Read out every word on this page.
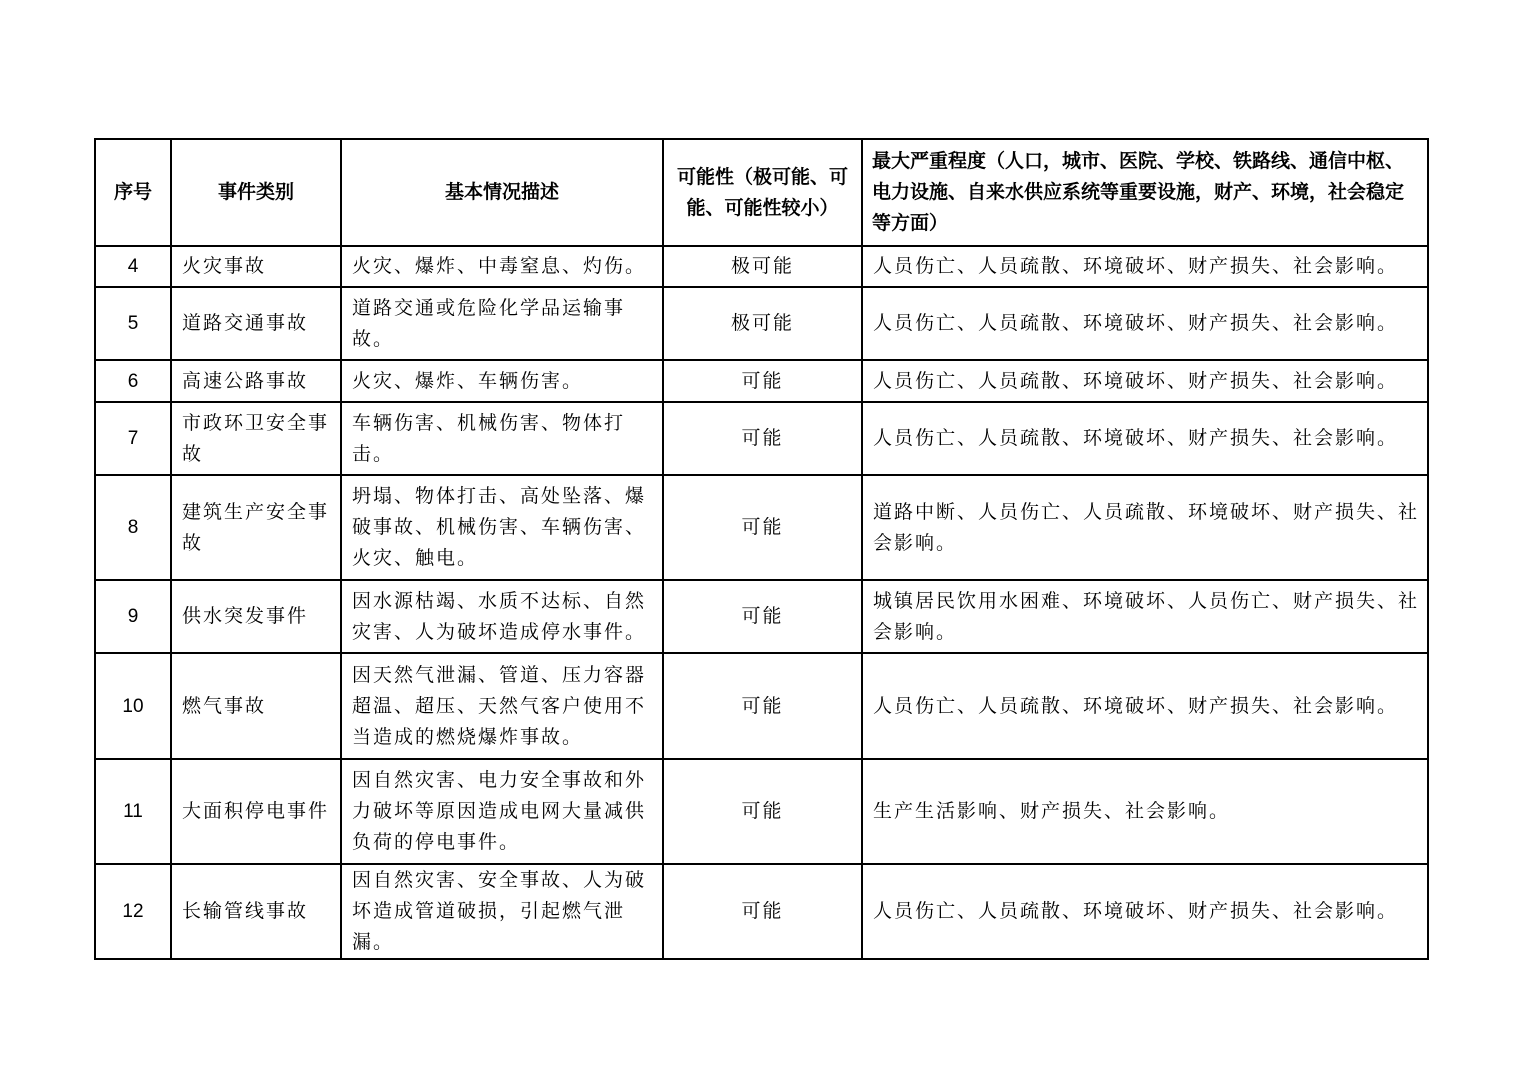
序号	事件类别	基本情况描述	可能性（极可能、可能、可能性较小）	最大严重程度（人口，城市、医院、学校、铁路线、通信中枢、电力设施、自来水供应系统等重要设施，财产、环境，社会稳定等方面）
4	火灾事故	火灾、爆炸、中毒窒息、灼伤。	极可能	人员伤亡、人员疏散、环境破坏、财产损失、社会影响。
5	道路交通事故	道路交通或危险化学品运输事故。	极可能	人员伤亡、人员疏散、环境破坏、财产损失、社会影响。
6	高速公路事故	火灾、爆炸、车辆伤害。	可能	人员伤亡、人员疏散、环境破坏、财产损失、社会影响。
7	市政环卫安全事故	车辆伤害、机械伤害、物体打击。	可能	人员伤亡、人员疏散、环境破坏、财产损失、社会影响。
8	建筑生产安全事故	坍塌、物体打击、高处坠落、爆破事故、机械伤害、车辆伤害、火灾、触电。	可能	道路中断、人员伤亡、人员疏散、环境破坏、财产损失、社会影响。
9	供水突发事件	因水源枯竭、水质不达标、自然灾害、人为破坏造成停水事件。	可能	城镇居民饮用水困难、环境破坏、人员伤亡、财产损失、社会影响。
10	燃气事故	因天然气泄漏、管道、压力容器超温、超压、天然气客户使用不当造成的燃烧爆炸事故。	可能	人员伤亡、人员疏散、环境破坏、财产损失、社会影响。
11	大面积停电事件	因自然灾害、电力安全事故和外力破坏等原因造成电网大量减供负荷的停电事件。	可能	生产生活影响、财产损失、社会影响。
12	长输管线事故	因自然灾害、安全事故、人为破坏造成管道破损，引起燃气泄漏。	可能	人员伤亡、人员疏散、环境破坏、财产损失、社会影响。
